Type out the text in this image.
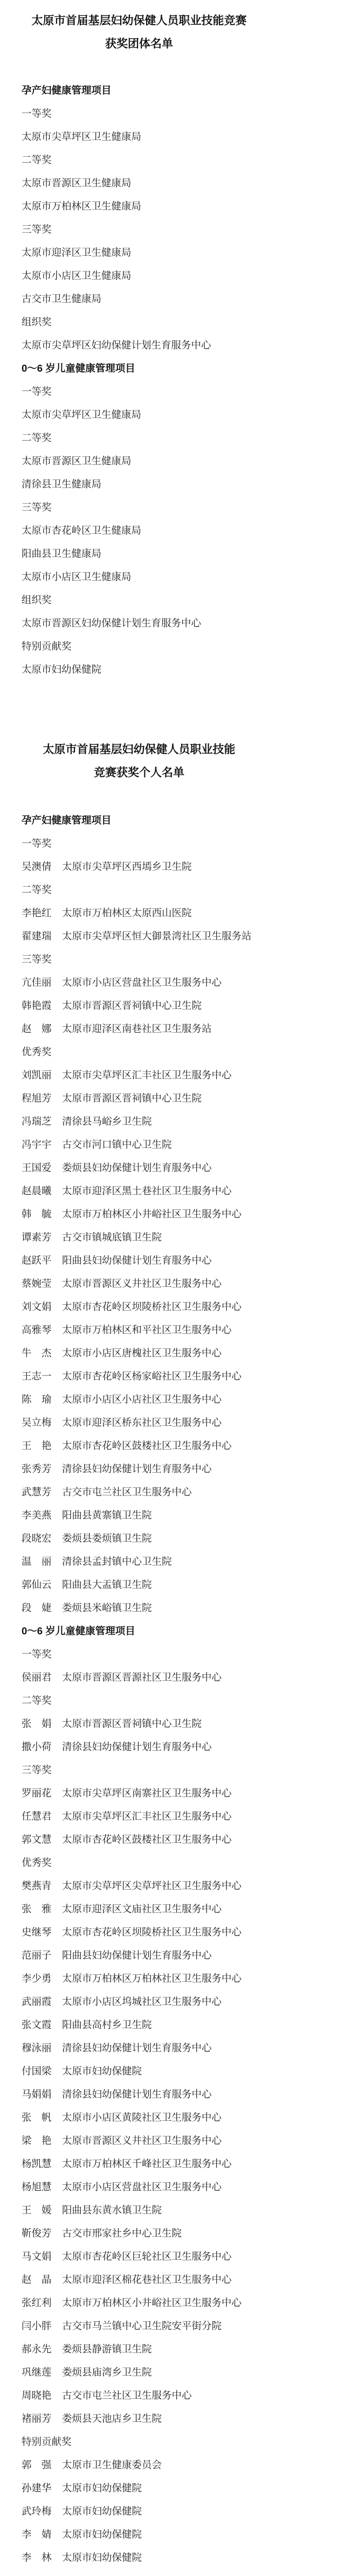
太原市首届基层妇幼保健人员职业技能竞赛
获奖团体名单
孕产妇健康管理项目
一等奖
太原市尖草坪区卫生健康局
二等奖
太原市晋源区卫生健康局
太原市万柏林区卫生健康局
三等奖
太原市迎泽区卫生健康局
太原市小店区卫生健康局
古交市卫生健康局
组织奖
太原市尖草坪区妇幼保健计划生育服务中心
0～6 岁儿童健康管理项目
一等奖
太原市尖草坪区卫生健康局
二等奖
太原市晋源区卫生健康局
清徐县卫生健康局
三等奖
太原市杏花岭区卫生健康局
阳曲县卫生健康局
太原市小店区卫生健康局
组织奖
太原市晋源区妇幼保健计划生育服务中心
特别贡献奖
太原市妇幼保健院
太原市首届基层妇幼保健人员职业技能
竞赛获奖个人名单
孕产妇健康管理项目
一等奖
吴澳倩 太原市尖草坪区西墕乡卫生院
二等奖
李艳红 太原市万柏林区太原西山医院
翟建瑞 太原市尖草坪区恒大御景湾社区卫生服务站
三等奖
亢佳丽 太原市小店区营盘社区卫生服务中心
韩艳霞 太原市晋源区晋祠镇中心卫生院
赵　娜 太原市迎泽区南巷社区卫生服务站
优秀奖
刘凯丽 太原市尖草坪区汇丰社区卫生服务中心
程旭芳 太原市晋源区晋祠镇中心卫生院
冯瑞芝 清徐县马峪乡卫生院
冯宇宇 古交市河口镇中心卫生院
王国爱 娄烦县妇幼保健计划生育服务中心
赵晨曦 太原市迎泽区黑土巷社区卫生服务中心
韩　毓 太原市万柏林区小井峪社区卫生服务中心
谭素芳 古交市镇城底镇卫生院
赵跃平 阳曲县妇幼保健计划生育服务中心
蔡婉莹 太原市晋源区义井社区卫生服务中心
刘文娟 太原市杏花岭区坝陵桥社区卫生服务中心
高雅琴 太原市万柏林区和平社区卫生服务中心
牛　杰 太原市小店区唐槐社区卫生服务中心
王志一 太原市杏花岭区杨家峪社区卫生服务中心
陈　瑜 太原市小店区小店社区卫生服务中心
吴立梅 太原市迎泽区桥东社区卫生服务中心
王　艳 太原市杏花岭区鼓楼社区卫生服务中心
张秀芳 清徐县妇幼保健计划生育服务中心
武慧芳 古交市屯兰社区卫生服务中心
李美燕 阳曲县黄寨镇卫生院
段晓宏 娄烦县娄烦镇卫生院
温　丽 清徐县孟封镇中心卫生院
郭仙云 阳曲县大盂镇卫生院
段　婕 娄烦县米峪镇卫生院
0～6 岁儿童健康管理项目
一等奖
侯丽君 太原市晋源区晋源社区卫生服务中心
二等奖
张　娟 太原市晋源区晋祠镇中心卫生院
撒小荷 清徐县妇幼保健计划生育服务中心
三等奖
罗丽花 太原市尖草坪区南寨社区卫生服务中心
任慧君 太原市尖草坪区汇丰社区卫生服务中心
郭文慧 太原市杏花岭区鼓楼社区卫生服务中心
优秀奖
樊燕青 太原市尖草坪区尖草坪社区卫生服务中心
张　雅 太原市迎泽区文庙社区卫生服务中心
史继琴 太原市杏花岭区坝陵桥社区卫生服务中心
范丽子 阳曲县妇幼保健计划生育服务中心
李少勇 太原市万柏林区万柏林社区卫生服务中心
武丽霞 太原市小店区坞城社区卫生服务中心
张文霞 阳曲县高村乡卫生院
穆泳丽 清徐县妇幼保健计划生育服务中心
付国梁 太原市妇幼保健院
马娟娟 清徐县妇幼保健计划生育服务中心
张　帆 太原市小店区黄陵社区卫生服务中心
梁　艳 太原市晋源区义井社区卫生服务中心
杨凯慧 太原市万柏林区千峰社区卫生服务中心
杨旭慧 太原市小店区营盘社区卫生服务中心
王　媛 阳曲县东黄水镇卫生院
靳俊芳 古交市邢家社乡中心卫生院
马文娟 太原市杏花岭区巨轮社区卫生服务中心
赵　晶 太原市迎泽区棉花巷社区卫生服务中心
张红利 太原市万柏林区小井峪社区卫生服务中心
闫小胖 古交市马兰镇中心卫生院安平街分院
郝永先 娄烦县静游镇卫生院
巩继莲 娄烦县庙湾乡卫生院
周晓艳 古交市屯兰社区卫生服务中心
褚丽芳 娄烦县天池店乡卫生院
特别贡献奖
郭　强 太原市卫生健康委员会
孙建华 太原市妇幼保健院
武玲梅 太原市妇幼保健院
李　婧 太原市妇幼保健院
李　林 太原市妇幼保健院
